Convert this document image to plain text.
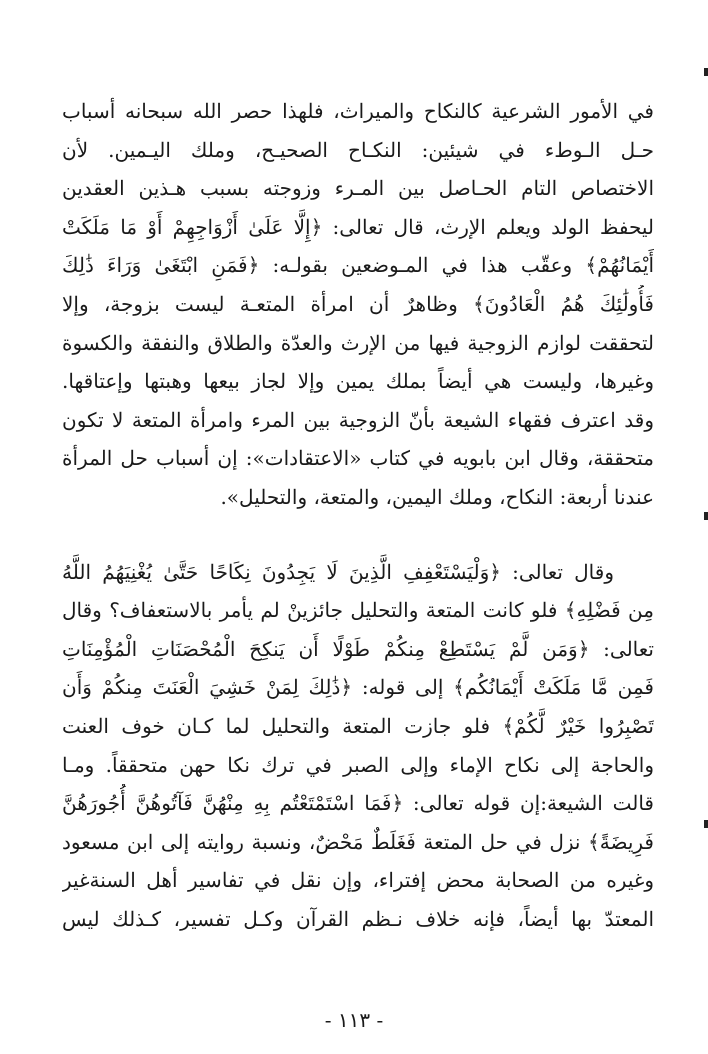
في الأمور الشرعية كالنكاح والميراث، فلهذا حصر الله سبحانه أسباب

حـل الـوطء في شيئين: النكـاح الصحيـح، وملك اليـمين. لأن

الاختصاص التام الحـاصل بين المـرء وزوجته بسبب هـذين العقدين

ليحفظ الولد ويعلم الإرث، قال تعالى: ﴿إِلَّا عَلَىٰ أَزْوَاجِهِمْ أَوْ مَا مَلَكَتْ

أَيْمَانُهُمْ﴾ وعقّب هذا في المـوضعين بقولـه: ﴿فَمَنِ ابْتَغَىٰ وَرَاءَ ذَٰلِكَ

فَأُولَٰئِكَ هُمُ الْعَادُونَ﴾ وظاهرٌ أن امرأة المتعـة ليست بزوجة، وإلا

لتحققت لوازم الزوجية فيها من الإرث والعدّة والطلاق والنفقة والكسوة

وغيرها، وليست هي أيضاً بملك يمين وإلا لجاز بيعها وهبتها وإعتاقها.

وقد اعترف فقهاء الشيعة بأنّ الزوجية بين المرء وامرأة المتعة لا تكون

متحققة، وقال ابن بابويه في كتاب «الاعتقادات»: إن أسباب حل المرأة

عندنا أربعة: النكاح، وملك اليمين، والمتعة، والتحليل».

وقال تعالى: ﴿وَلْيَسْتَعْفِفِ الَّذِينَ لَا يَجِدُونَ نِكَاحًا حَتَّىٰ يُغْنِيَهُمُ اللَّهُ

مِن فَضْلِهِ﴾ فلو كانت المتعة والتحليل جائزينْ لم يأمر بالاستعفاف؟ وقال

تعالى: ﴿وَمَن لَّمْ يَسْتَطِعْ مِنكُمْ طَوْلًا أَن يَنكِحَ الْمُحْصَنَاتِ الْمُؤْمِنَاتِ

فَمِن مَّا مَلَكَتْ أَيْمَانُكُم﴾ إلى قوله: ﴿ذَٰلِكَ لِمَنْ خَشِيَ الْعَنَتَ مِنكُمْ وَأَن

تَصْبِرُوا خَيْرٌ لَّكُمْ﴾ فلو جازت المتعة والتحليل لما كـان خوف العنت

والحاجة إلى نكاح الإماء وإلى الصبر في ترك نكا حهن متحققاً. ومـا

قالت الشيعة:إن قوله تعالى: ﴿فَمَا اسْتَمْتَعْتُم بِهِ مِنْهُنَّ فَآتُوهُنَّ أُجُورَهُنَّ

فَرِيضَةً﴾ نزل في حل المتعة فَغَلَطٌ مَحْضٌ، ونسبة روايته إلى ابن مسعود

وغيره من الصحابة محض إفتراء، وإن نقل في تفاسير أهل السنةغير

المعتدّ بها أيضاً، فإنه خلاف نـظم القرآن وكـل تفسير، كـذلك ليس

- ١١٣ -
